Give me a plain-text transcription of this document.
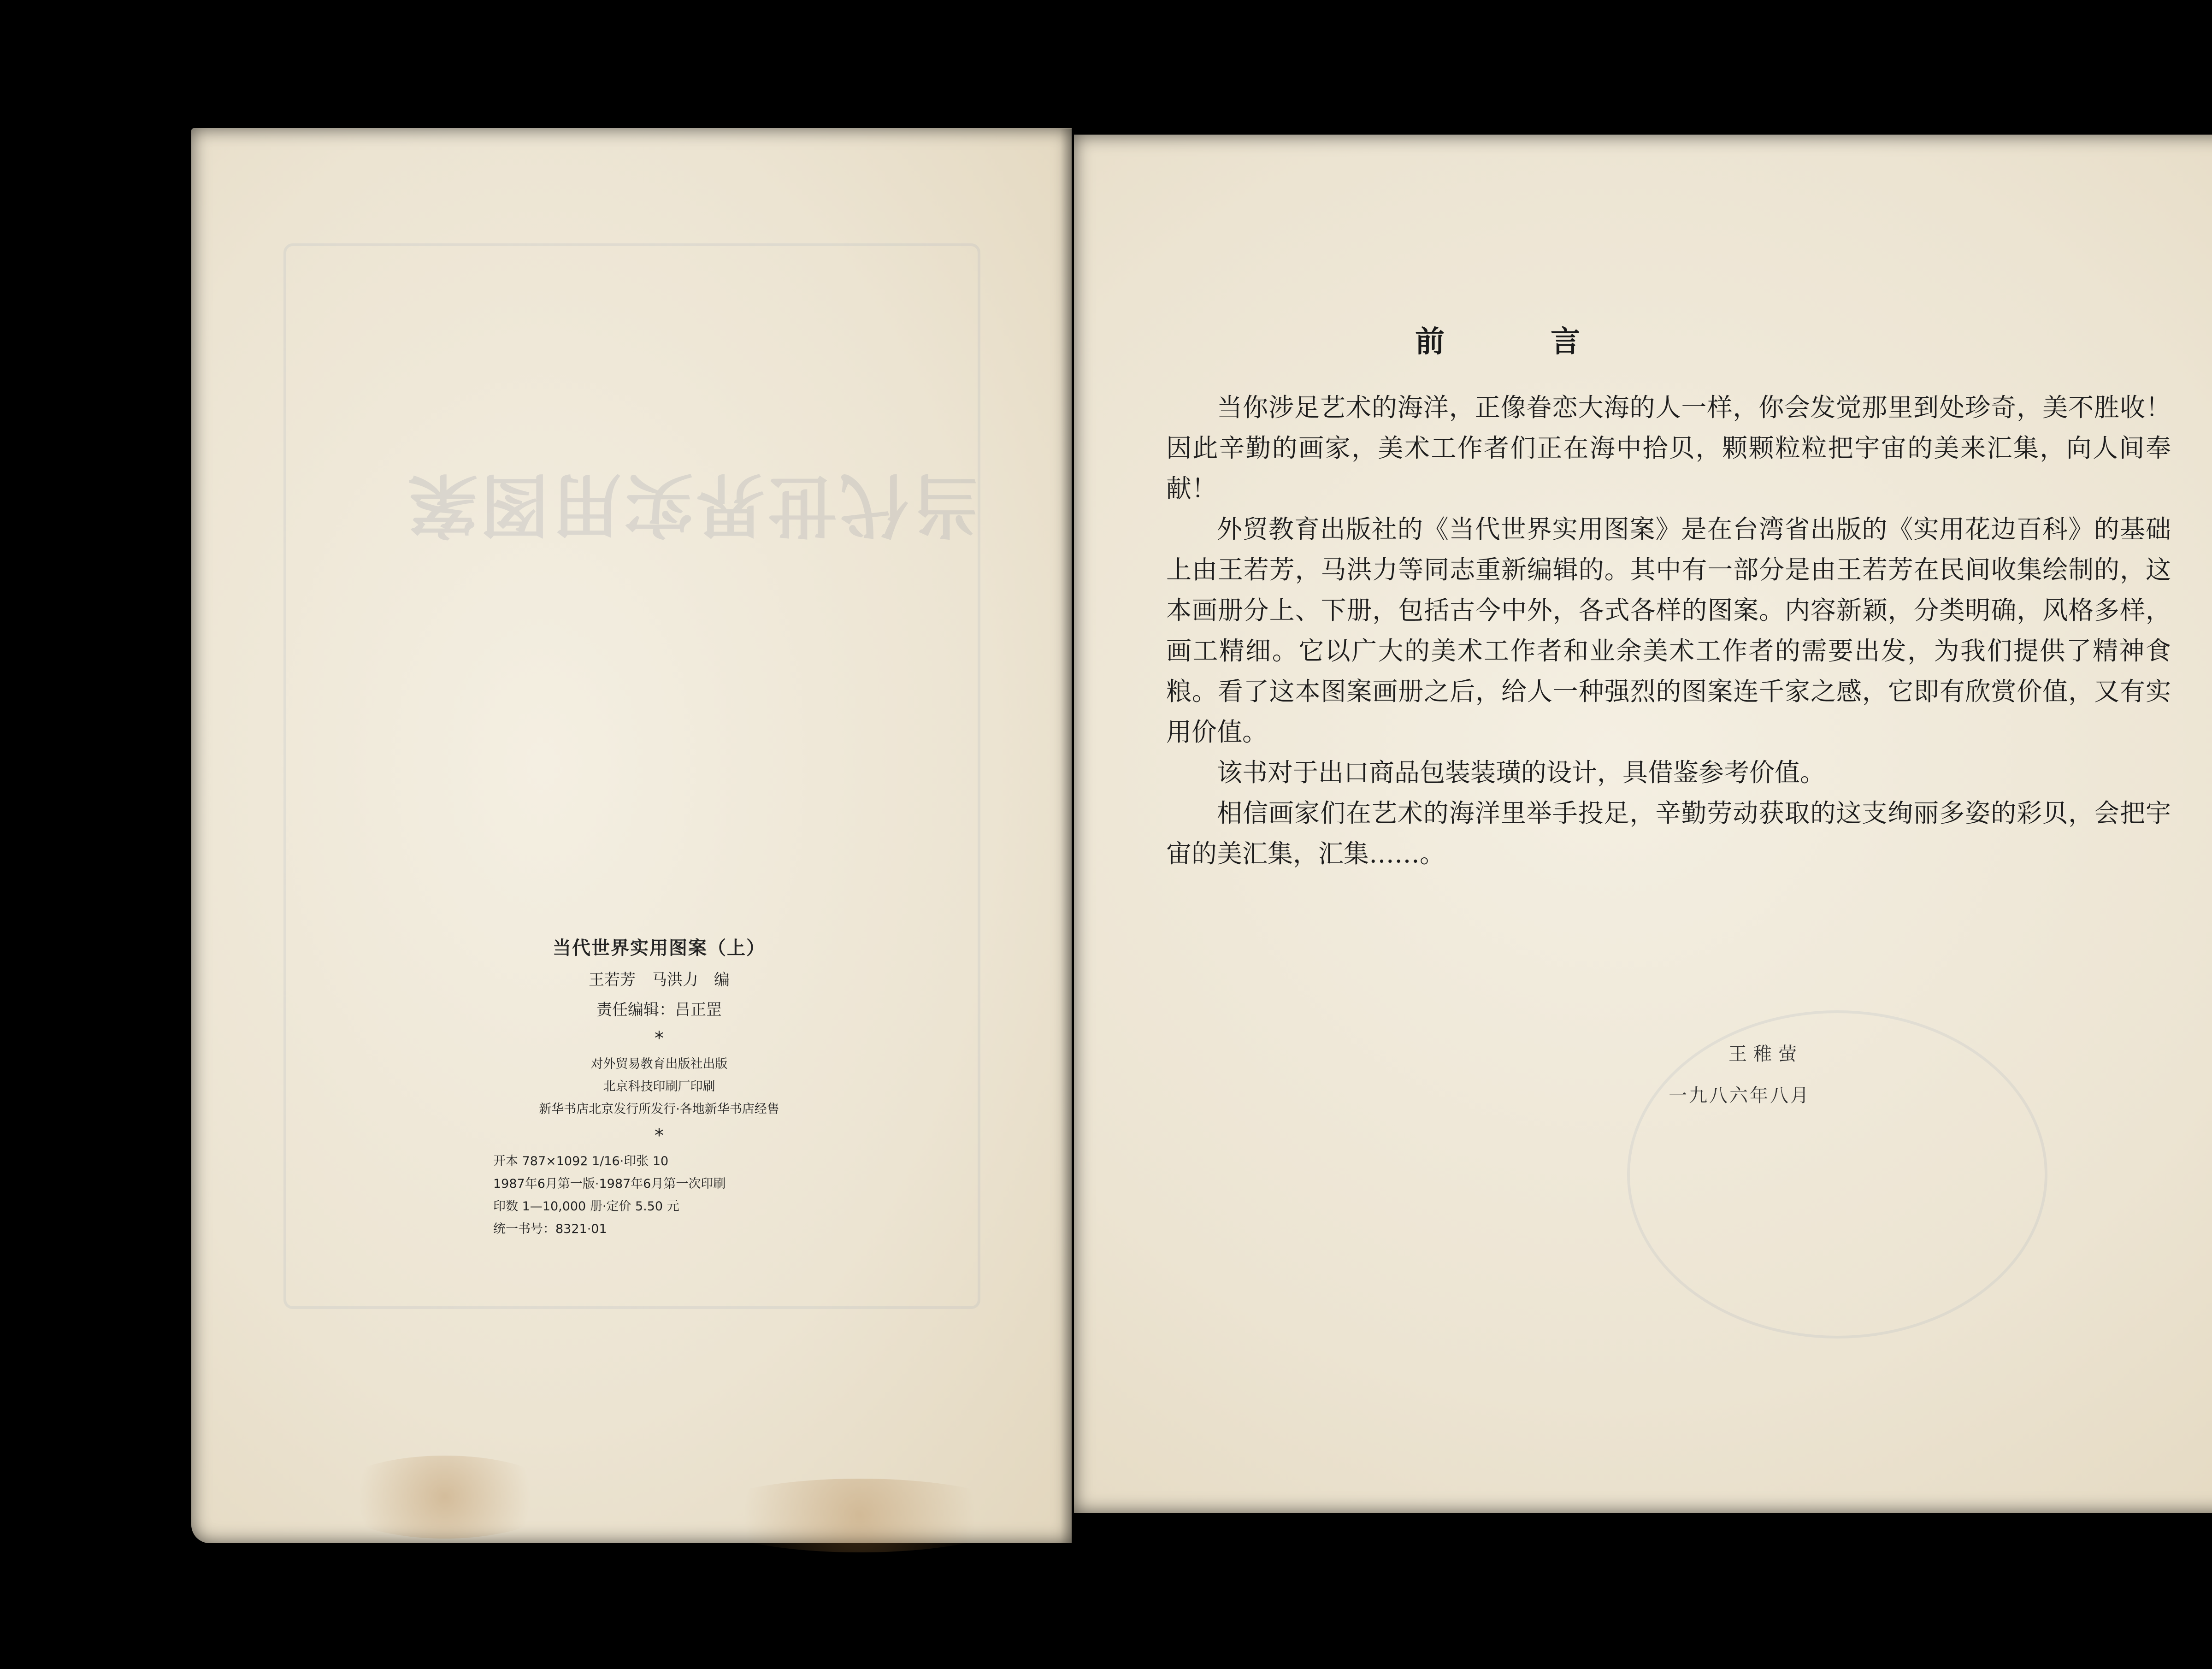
当代世界实用图案
当代世界实用图案（上）
王若芳　马洪力　编
责任编辑：吕正罡
*
对外贸易教育出版社出版
北京科技印刷厂印刷
新华书店北京发行所发行·各地新华书店经售
*
开本 787×1092 1/16·印张 10
1987年6月第一版·1987年6月第一次印刷
印数 1—10,000 册·定价 5.50 元
统一书号：8321·01
前言

当你涉足艺术的海洋，正像眷恋大海的人一样，你会发觉那里到处珍奇，美不胜收！因此辛勤的画家，美术工作者们正在海中拾贝，颗颗粒粒把宇宙的美来汇集，向人间奉献！

外贸教育出版社的《当代世界实用图案》是在台湾省出版的《实用花边百科》的基础上由王若芳，马洪力等同志重新编辑的。其中有一部分是由王若芳在民间收集绘制的，这本画册分上、下册，包括古今中外，各式各样的图案。内容新颖，分类明确，风格多样，画工精细。它以广大的美术工作者和业余美术工作者的需要出发，为我们提供了精神食粮。看了这本图案画册之后，给人一种强烈的图案连千家之感，它即有欣赏价值，又有实用价值。

该书对于出口商品包装装璜的设计，具借鉴参考价值。

相信画家们在艺术的海洋里举手投足，辛勤劳动获取的这支绚丽多姿的彩贝，会把宇宙的美汇集，汇集……。

王稚萤
一九八六年八月
